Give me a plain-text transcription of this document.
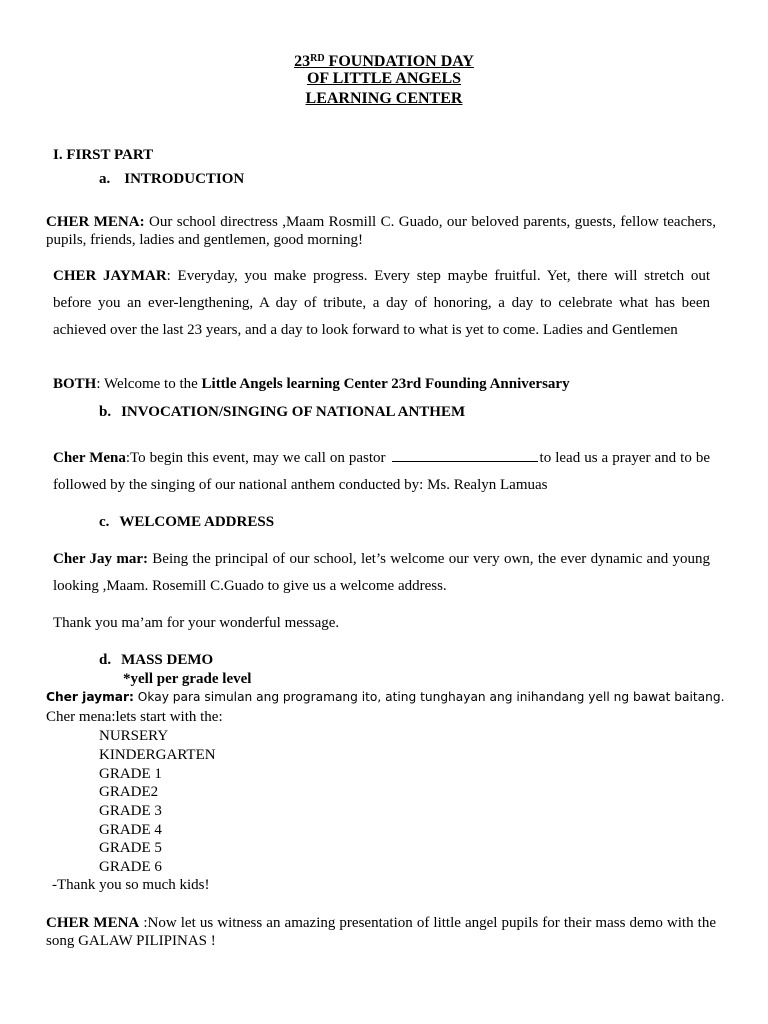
23RD FOUNDATION DAY
OF LITTLE ANGELS
LEARNING CENTER
I. FIRST PART
a. INTRODUCTION
CHER MENA: Our school directress ,Maam Rosmill C. Guado, our beloved parents, guests, fellow teachers, pupils, friends, ladies and gentlemen, good morning!
CHER JAYMAR: Everyday, you make progress. Every step maybe fruitful. Yet, there will stretch out before you an ever-lengthening, A day of tribute, a day of honoring, a day to celebrate what has been achieved over the last 23 years, and a day to look forward to what is yet to come. Ladies and Gentlemen
BOTH: Welcome to the Little Angels learning Center 23rd Founding Anniversary
b. INVOCATION/SINGING OF NATIONAL ANTHEM
Cher Mena:To begin this event, may we call on pastor	to lead us a prayer and to be followed by the singing of our national anthem conducted by: Ms. Realyn Lamuas
c. WELCOME ADDRESS
Cher Jay mar: Being the principal of our school, let’s welcome our very own, the ever dynamic and young looking ,Maam. Rosemill C.Guado to give us a welcome address.
Thank you ma’am for your wonderful message.
d. MASS DEMO
*yell per grade level
Cher jaymar: Okay para simulan ang programang ito, ating tunghayan ang inihandang yell ng bawat baitang.
Cher mena:lets start with the:
NURSERY
KINDERGARTEN
GRADE 1
GRADE2
GRADE 3
GRADE 4
GRADE 5
GRADE 6
-Thank you so much kids!
CHER MENA :Now let us witness an amazing presentation of little angel pupils for their mass demo with the song GALAW PILIPINAS !
